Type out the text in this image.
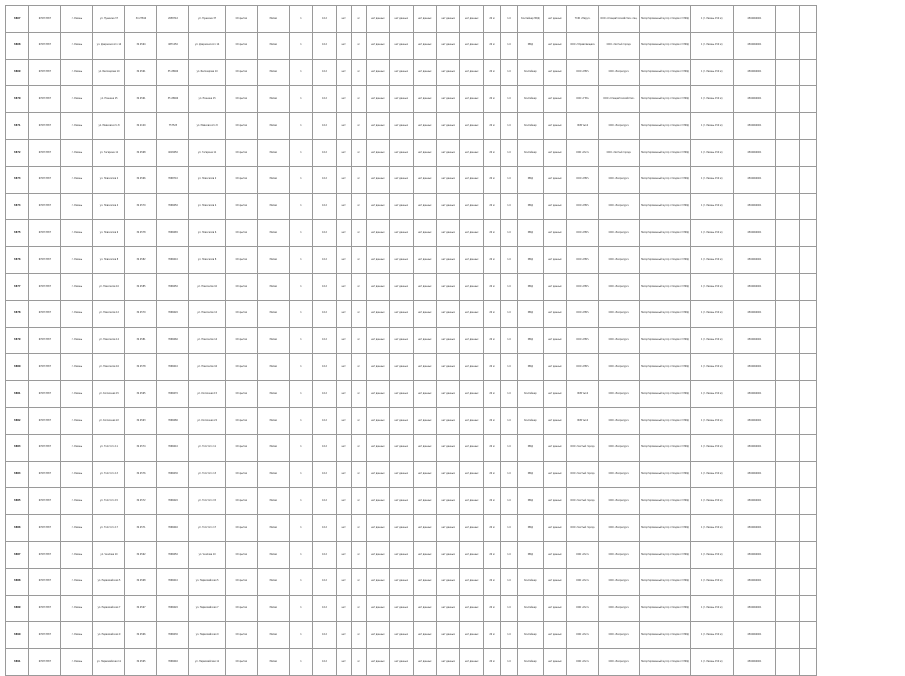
3867	67ОП МЗ Н	г. Разань	ул. Пушкина 37	34 27810	2658742	ул. Пушкина 37	Открытая	Малая	1	0.12	нет	ос	нет данных	нет данных	нет данных	нет данных	нет данных	20 м	1.0	Контейнер МКД	нет данных	ТСЖ «Парус»	ООО «Спецавтохозяйство» лиц.	Несортированный мусор отходов от МКД	1 (г. Разань 150 м)	4502904001		
3868	67ОП МЗ Н	г. Разань	ул. Дзержинского 14	34 4564	4871250	ул. Дзержинского 14	Открытая	Малая	1	0.12	нет	ос	нет данных	нет данных	нет данных	нет данных	нет данных	20 м	1.0	МКД	нет данных	ООО «Управляющая»	ООО «Чистый город»	Несортированный мусор отходов от МКД	1 (г. Разань 150 м)	4502904001		
3869	67ОП МЗ Н	г. Разань	ул. Белозерова 10	34 4561	35 28460	ул. Белозерова 10	Открытая	Малая	1	0.12	нет	ос	нет данных	нет данных	нет данных	нет данных	нет данных	20 м	1.0	Контейнер	нет данных	ООО «РЭУ»	ООО «Экоресурс»	Несортированный мусор отходов от МКД	1 (г. Разань 150 м)	4502904001		
3870	67ОП МЗ Н	г. Разань	ул. Есенина 15	34 4561	35 28460	ул. Есенина 15	Открытая	Малая	1	0.12	нет	ос	нет данных	нет данных	нет данных	нет данных	нет данных	20 м	1.0	Контейнер	нет данных	ООО «ГУК»	ООО «Спецавтохозяйство»	Несортированный мусор отходов от МКД	1 (г. Разань 150 м)	4502904001		
3871	67ОП МЗ Н	г. Разань	ул. Маяковского 8	34 2109	757523	ул. Маяковского 8	Открытая	Малая	1	0.12	нет	ос	нет данных	нет данных	нет данных	нет данных	нет данных	20 м	1.0	Контейнер	нет данных	ЖЭУ №12	ООО «Экоресурс»	Несортированный мусор отходов от МКД	1 (г. Разань 150 м)	4502904001		
3872	67ОП МЗ Н	г. Разань	ул. Гагарина 11	34 4568	4018450	ул. Гагарина 11	Открытая	Малая	1	0.12	нет	ос	нет данных	нет данных	нет данных	нет данных	нет данных	20 м	1.0	Контейнер	нет данных	ООО «Уют»	ООО «Чистый город»	Несортированный мусор отходов от МКД	1 (г. Разань 150 м)	4502904001		
3873	67ОП МЗ Н	г. Разань	ул. Новоселов 2	34 4566	3568710	ул. Новоселов 2	Открытая	Малая	1	0.12	нет	ос	нет данных	нет данных	нет данных	нет данных	нет данных	20 м	1.0	МКД	нет данных	ООО «РЭУ»	ООО «Экоресурс»	Несортированный мусор отходов от МКД	1 (г. Разань 150 м)	4502904001		
3874	67ОП МЗ Н	г. Разань	ул. Новоселов 4	34 4579	3568450	ул. Новоселов 4	Открытая	Малая	1	0.12	нет	ос	нет данных	нет данных	нет данных	нет данных	нет данных	20 м	1.0	МКД	нет данных	ООО «РЭУ»	ООО «Экоресурс»	Несортированный мусор отходов от МКД	1 (г. Разань 150 м)	4502904001		
3875	67ОП МЗ Н	г. Разань	ул. Новоселов 6	34 4578	3568465	ул. Новоселов 6	Открытая	Малая	1	0.12	нет	ос	нет данных	нет данных	нет данных	нет данных	нет данных	20 м	1.0	МКД	нет данных	ООО «РЭУ»	ООО «Экоресурс»	Несортированный мусор отходов от МКД	1 (г. Разань 150 м)	4502904001		
3876	67ОП МЗ Н	г. Разань	ул. Новоселов 8	34 4582	3568410	ул. Новоселов 8	Открытая	Малая	1	0.12	нет	ос	нет данных	нет данных	нет данных	нет данных	нет данных	20 м	1.0	МКД	нет данных	ООО «РЭУ»	ООО «Экоресурс»	Несортированный мусор отходов от МКД	1 (г. Разань 150 м)	4502904001		
3877	67ОП МЗ Н	г. Разань	ул. Новоселов 10	34 4585	3568450	ул. Новоселов 10	Открытая	Малая	1	0.12	нет	ос	нет данных	нет данных	нет данных	нет данных	нет данных	20 м	1.0	МКД	нет данных	ООО «РЭУ»	ООО «Экоресурс»	Несортированный мусор отходов от МКД	1 (г. Разань 150 м)	4502904001		
3878	67ОП МЗ Н	г. Разань	ул. Новоселов 12	34 4579	3568420	ул. Новоселов 12	Открытая	Малая	1	0.12	нет	ос	нет данных	нет данных	нет данных	нет данных	нет данных	20 м	1.0	МКД	нет данных	ООО «РЭУ»	ООО «Экоресурс»	Несортированный мусор отходов от МКД	1 (г. Разань 150 м)	4502904001		
3879	67ОП МЗ Н	г. Разань	ул. Новоселов 14	34 4581	3568460	ул. Новоселов 14	Открытая	Малая	1	0.12	нет	ос	нет данных	нет данных	нет данных	нет данных	нет данных	20 м	1.0	МКД	нет данных	ООО «РЭУ»	ООО «Экоресурс»	Несортированный мусор отходов от МКД	1 (г. Разань 150 м)	4502904001		
3880	67ОП МЗ Н	г. Разань	ул. Новоселов 16	34 4578	3568410	ул. Новоселов 16	Открытая	Малая	1	0.12	нет	ос	нет данных	нет данных	нет данных	нет данных	нет данных	20 м	1.0	МКД	нет данных	ООО «РЭУ»	ООО «Экоресурс»	Несортированный мусор отходов от МКД	1 (г. Разань 150 м)	4502904001		
3881	67ОП МЗ Н	г. Разань	ул. Колхозная 15	34 4565	3568470	ул. Колхозная 15	Открытая	Малая	1	0.12	нет	ос	нет данных	нет данных	нет данных	нет данных	нет данных	20 м	1.0	Контейнер	нет данных	ЖЭУ №12	ООО «Экоресурс»	Несортированный мусор отходов от МКД	1 (г. Разань 150 м)	4502904001		
3882	67ОП МЗ Н	г. Разань	ул. Колхозная 22	34 4563	3568480	ул. Колхозная 22	Открытая	Малая	1	0.12	нет	ос	нет данных	нет данных	нет данных	нет данных	нет данных	20 м	1.0	Контейнер	нет данных	ЖЭУ №12	ООО «Экоресурс»	Несортированный мусор отходов от МКД	1 (г. Разань 150 м)	4502904001		
3883	67ОП МЗ Н	г. Разань	ул. Толстого 11	34 4574	3568410	ул. Толстого 11	Открытая	Малая	1	0.12	нет	ос	нет данных	нет данных	нет данных	нет данных	нет данных	20 м	1.0	МКД	нет данных	ООО «Чистый город»	ООО «Экоресурс»	Несортированный мусор отходов от МКД	1 (г. Разань 150 м)	4502904001		
3884	67ОП МЗ Н	г. Разань	ул. Толстого 13	34 4576	3568430	ул. Толстого 13	Открытая	Малая	1	0.12	нет	ос	нет данных	нет данных	нет данных	нет данных	нет данных	20 м	1.0	МКД	нет данных	ООО «Чистый город»	ООО «Экоресурс»	Несортированный мусор отходов от МКД	1 (г. Разань 150 м)	4502904001		
3885	67ОП МЗ Н	г. Разань	ул. Толстого 15	34 4572	3568420	ул. Толстого 15	Открытая	Малая	1	0.12	нет	ос	нет данных	нет данных	нет данных	нет данных	нет данных	20 м	1.0	МКД	нет данных	ООО «Чистый город»	ООО «Экоресурс»	Несортированный мусор отходов от МКД	1 (г. Разань 150 м)	4502904001		
3886	67ОП МЗ Н	г. Разань	ул. Толстого 17	34 4571	3568440	ул. Толстого 17	Открытая	Малая	1	0.12	нет	ос	нет данных	нет данных	нет данных	нет данных	нет данных	20 м	1.0	МКД	нет данных	ООО «Чистый город»	ООО «Экоресурс»	Несортированный мусор отходов от МКД	1 (г. Разань 150 м)	4502904001		
3887	67ОП МЗ Н	г. Разань	ул. Чкалова 10	34 4562	3568450	ул. Чкалова 10	Открытая	Малая	1	0.12	нет	ос	нет данных	нет данных	нет данных	нет данных	нет данных	20 м	1.0	МКД	нет данных	ООО «Уют»	ООО «Экоресурс»	Несортированный мусор отходов от МКД	1 (г. Разань 150 м)	4502904001		
3888	67ОП МЗ Н	г. Разань	ул. Первомайская 5	34 4568	3568410	ул. Первомайская 5	Открытая	Малая	1	0.12	нет	ос	нет данных	нет данных	нет данных	нет данных	нет данных	20 м	1.0	Контейнер	нет данных	ООО «Уют»	ООО «Экоресурс»	Несортированный мусор отходов от МКД	1 (г. Разань 150 м)	4502904001		
3889	67ОП МЗ Н	г. Разань	ул. Первомайская 7	34 4567	3568420	ул. Первомайская 7	Открытая	Малая	1	0.12	нет	ос	нет данных	нет данных	нет данных	нет данных	нет данных	20 м	1.0	Контейнер	нет данных	ООО «Уют»	ООО «Экоресурс»	Несортированный мусор отходов от МКД	1 (г. Разань 150 м)	4502904001		
3890	67ОП МЗ Н	г. Разань	ул. Первомайская 9	34 4566	3568430	ул. Первомайская 9	Открытая	Малая	1	0.12	нет	ос	нет данных	нет данных	нет данных	нет данных	нет данных	20 м	1.0	Контейнер	нет данных	ООО «Уют»	ООО «Экоресурс»	Несортированный мусор отходов от МКД	1 (г. Разань 150 м)	4502904001		
3891	67ОП МЗ Н	г. Разань	ул. Первомайская 11	34 4565	3568440	ул. Первомайская 11	Открытая	Малая	1	0.12	нет	ос	нет данных	нет данных	нет данных	нет данных	нет данных	20 м	1.0	Контейнер	нет данных	ООО «Уют»	ООО «Экоресурс»	Несортированный мусор отходов от МКД	1 (г. Разань 150 м)	4502904001		
